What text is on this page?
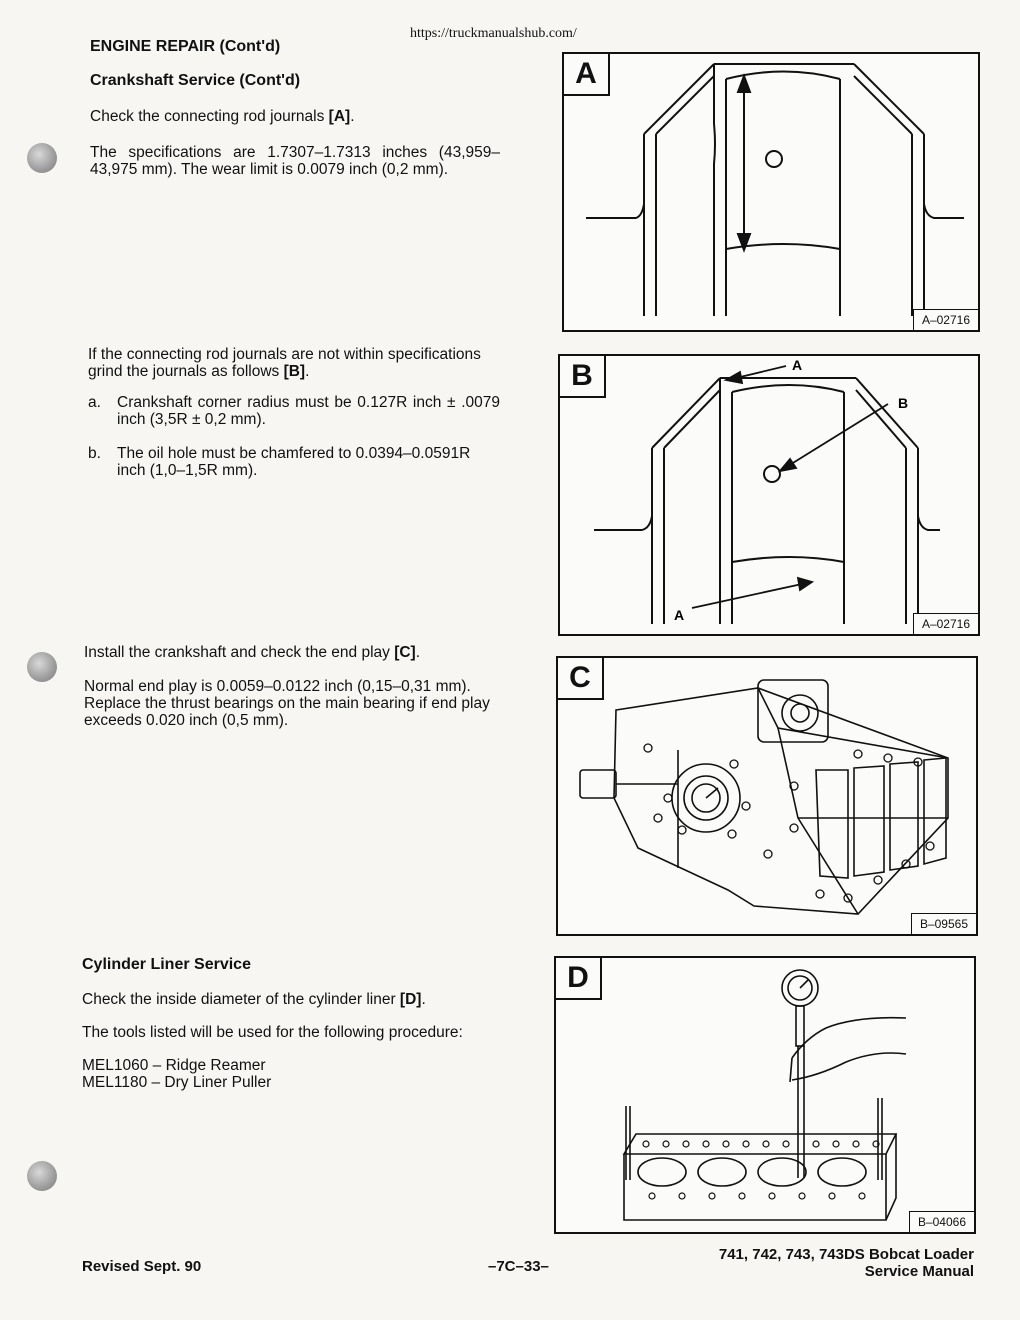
https://truckmanualshub.com/
ENGINE REPAIR (Cont'd)
Crankshaft Service (Cont'd)
Check the connecting rod journals [A].
The specifications are 1.7307–1.7313 inches (43,959–43,975 mm). The wear limit is 0.0079 inch (0,2 mm).
If the connecting rod journals are not within specifications grind the journals as follows [B].
a. Crankshaft corner radius must be 0.127R inch ± .0079 inch (3,5R ± 0,2 mm).
b. The oil hole must be chamfered to 0.0394–0.0591R inch (1,0–1,5R mm).
Install the crankshaft and check the end play [C].
Normal end play is 0.0059–0.0122 inch (0,15–0,31 mm). Replace the thrust bearings on the main bearing if end play exceeds 0.020 inch (0,5 mm).
Cylinder Liner Service
Check the inside diameter of the cylinder liner [D].
The tools listed will be used for the following procedure:
MEL1060 – Ridge Reamer
MEL1180 – Dry Liner Puller
A
A–02716
A
B
A
B
A–02716
C
B–09565
D
B–04066
Revised Sept. 90	–7C–33–
741, 742, 743, 743DS Bobcat Loader
Service Manual
